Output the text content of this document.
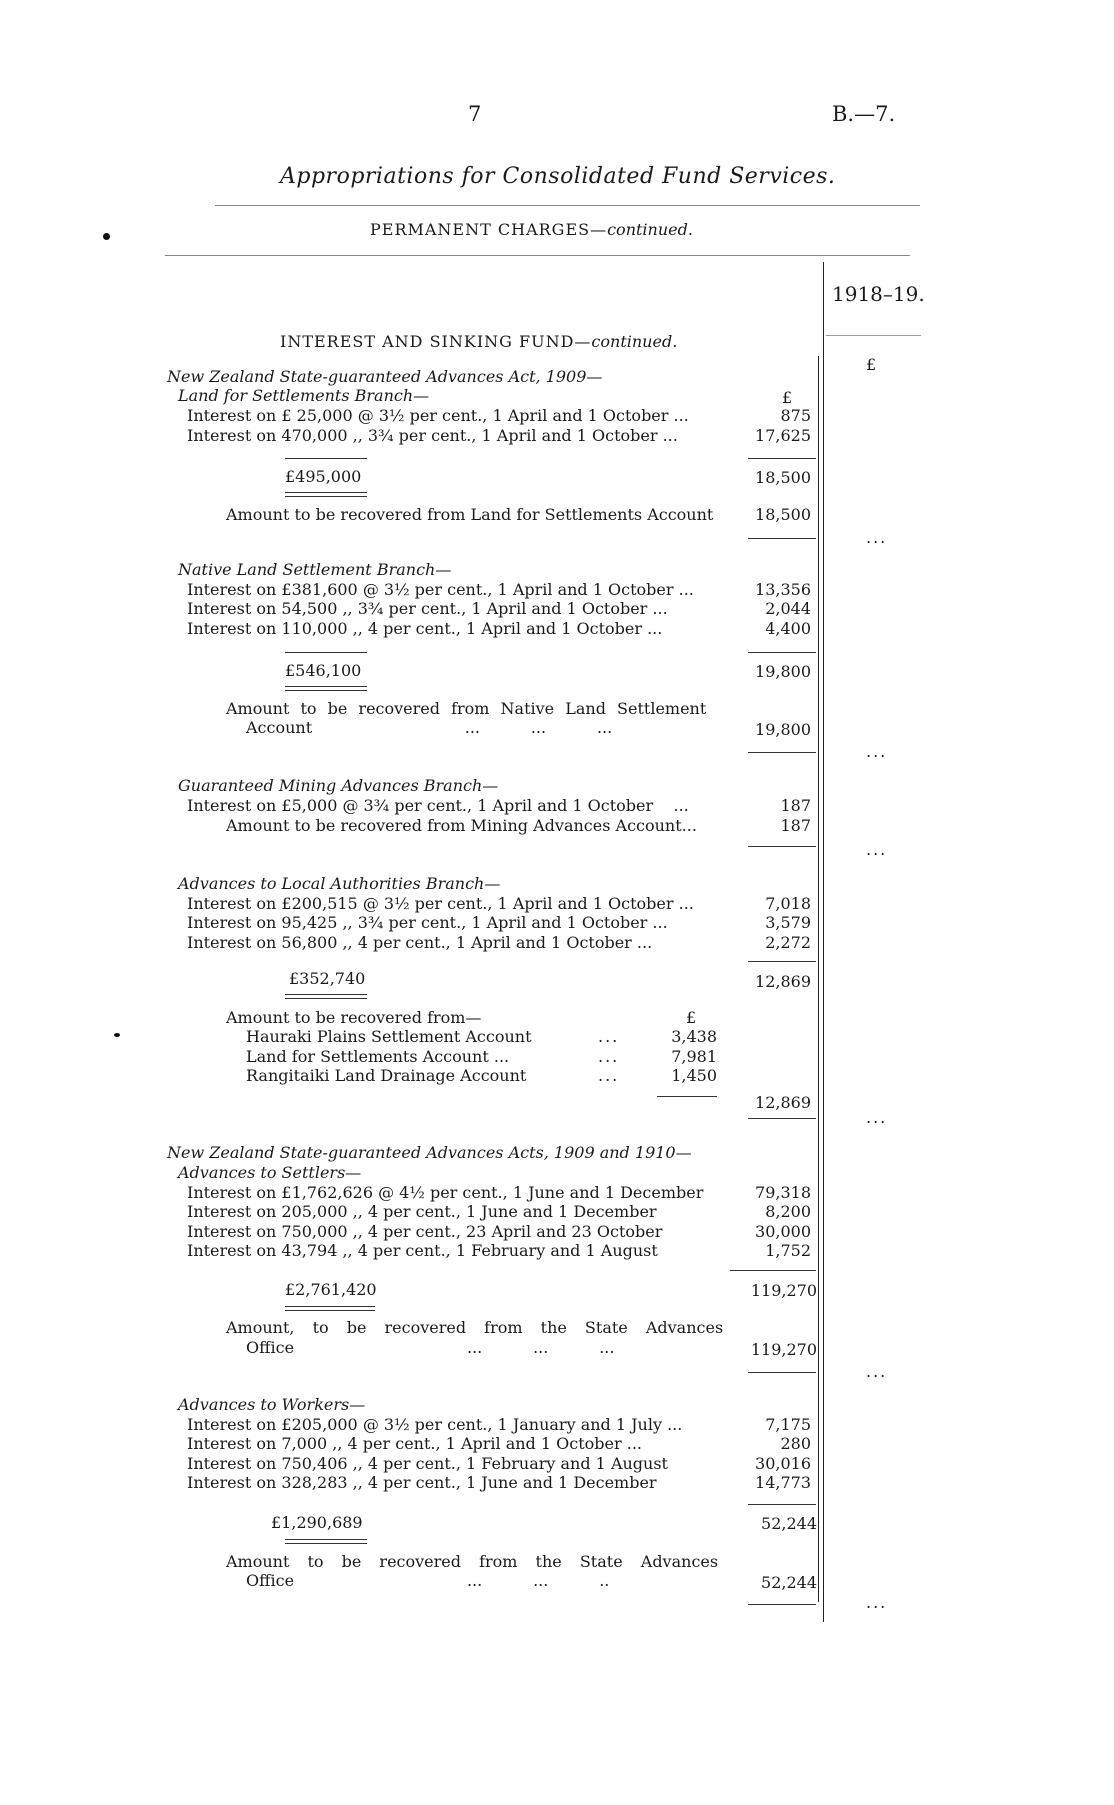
7	B.—7.
Appropriations for Consolidated Fund Services.
PERMANENT CHARGES—continued.
1918–19.
£
INTEREST AND SINKING FUND—continued.
New Zealand State-guaranteed Advances Act, 1909—
Land for Settlements Branch—	£
Interest on £ 25,000 @ 3½ per cent., 1 April and 1 October ...	875
Interest on 470,000 ,, 3¾ per cent., 1 April and 1 October ...	17,625
£495,000	18,500
Amount to be recovered from Land for Settlements Account	18,500
...
Native Land Settlement Branch—
Interest on £381,600 @ 3½ per cent., 1 April and 1 October ...	13,356
Interest on 54,500 ,, 3¾ per cent., 1 April and 1 October ...	2,044
Interest on 110,000 ,, 4 per cent., 1 April and 1 October ...	4,400
£546,100	19,800
Amount to be recovered from Native Land Settlement
Account                              ...          ...          ...	19,800
...
Guaranteed Mining Advances Branch—
Interest on £5,000 @ 3¾ per cent., 1 April and 1 October    ...	187
Amount to be recovered from Mining Advances Account...	187
...
Advances to Local Authorities Branch—
Interest on £200,515 @ 3½ per cent., 1 April and 1 October ...	7,018
Interest on 95,425 ,, 3¾ per cent., 1 April and 1 October ...	3,579
Interest on 56,800 ,, 4 per cent., 1 April and 1 October ...	2,272
£352,740	12,869
Amount to be recovered from—	£
Hauraki Plains Settlement Account	...	3,438
Land for Settlements Account ...	...	7,981
Rangitaiki Land Drainage Account	...	1,450
12,869
...
New Zealand State-guaranteed Advances Acts, 1909 and 1910—
Advances to Settlers—
Interest on £1,762,626 @ 4½ per cent., 1 June and 1 December	79,318
Interest on 205,000 ,, 4 per cent., 1 June and 1 December	8,200
Interest on 750,000 ,, 4 per cent., 23 April and 23 October	30,000
Interest on 43,794 ,, 4 per cent., 1 February and 1 August	1,752
£2,761,420	119,270
Amount, to be recovered from the State Advances
Office                                  ...          ...          ...	119,270
...
Advances to Workers—
Interest on £205,000 @ 3½ per cent., 1 January and 1 July ...	7,175
Interest on 7,000 ,, 4 per cent., 1 April and 1 October ...	280
Interest on 750,406 ,, 4 per cent., 1 February and 1 August	30,016
Interest on 328,283 ,, 4 per cent., 1 June and 1 December	14,773
£1,290,689	52,244
Amount to be recovered from the State Advances
Office                                  ...          ...          ..	52,244
...
